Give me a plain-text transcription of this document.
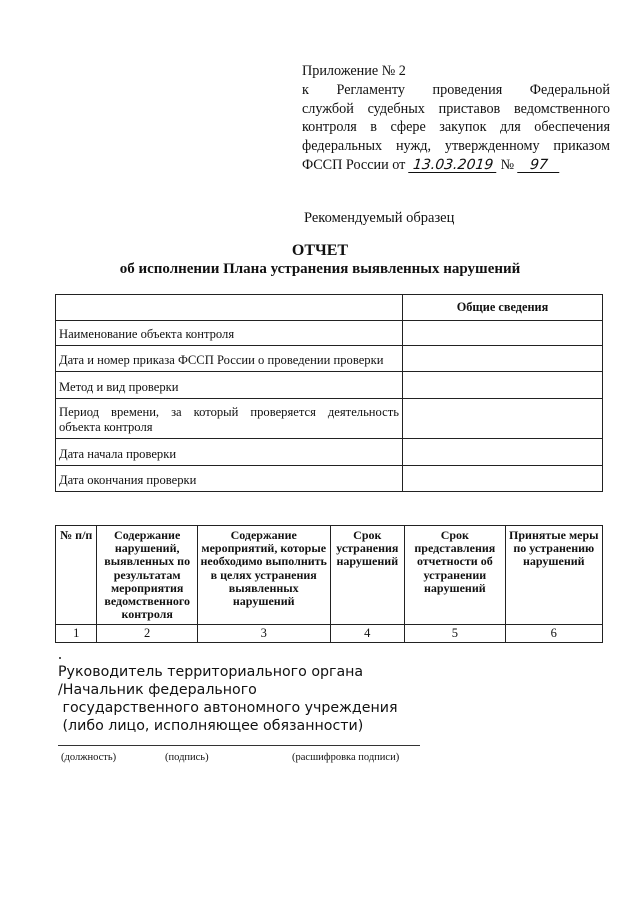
Приложение № 2
к Регламенту проведения Федеральной
службой судебных приставов ведомственного
контроля в сфере закупок для обеспечения
федеральных нужд, утвержденному приказом
ФССП России от 13.03.2019 № 97
Рекомендуемый образец
ОТЧЕТ
об исполнении Плана устранения выявленных нарушений
	Общие сведения
Наименование объекта контроля	
Дата и номер приказа ФССП России о проведении проверки	
Метод и вид проверки	
Период времени, за который проверяется деятельность объекта контроля	
Дата начала проверки	
Дата окончания проверки	
№ п/п	Содержание нарушений, выявленных по результатам мероприятия ведомственного контроля	Содержание мероприятий, которые необходимо выполнить в целях устранения выявленных нарушений	Срок устранения нарушений	Срок представления отчетности об устранении нарушений	Принятые меры по устранению нарушений
1	2	3	4	5	6
Руководитель территориального органа
/Начальник федерального
государственного автономного учреждения
(либо лицо, исполняющее обязанности)
(должность)	(подпись)	(расшифровка подписи)
